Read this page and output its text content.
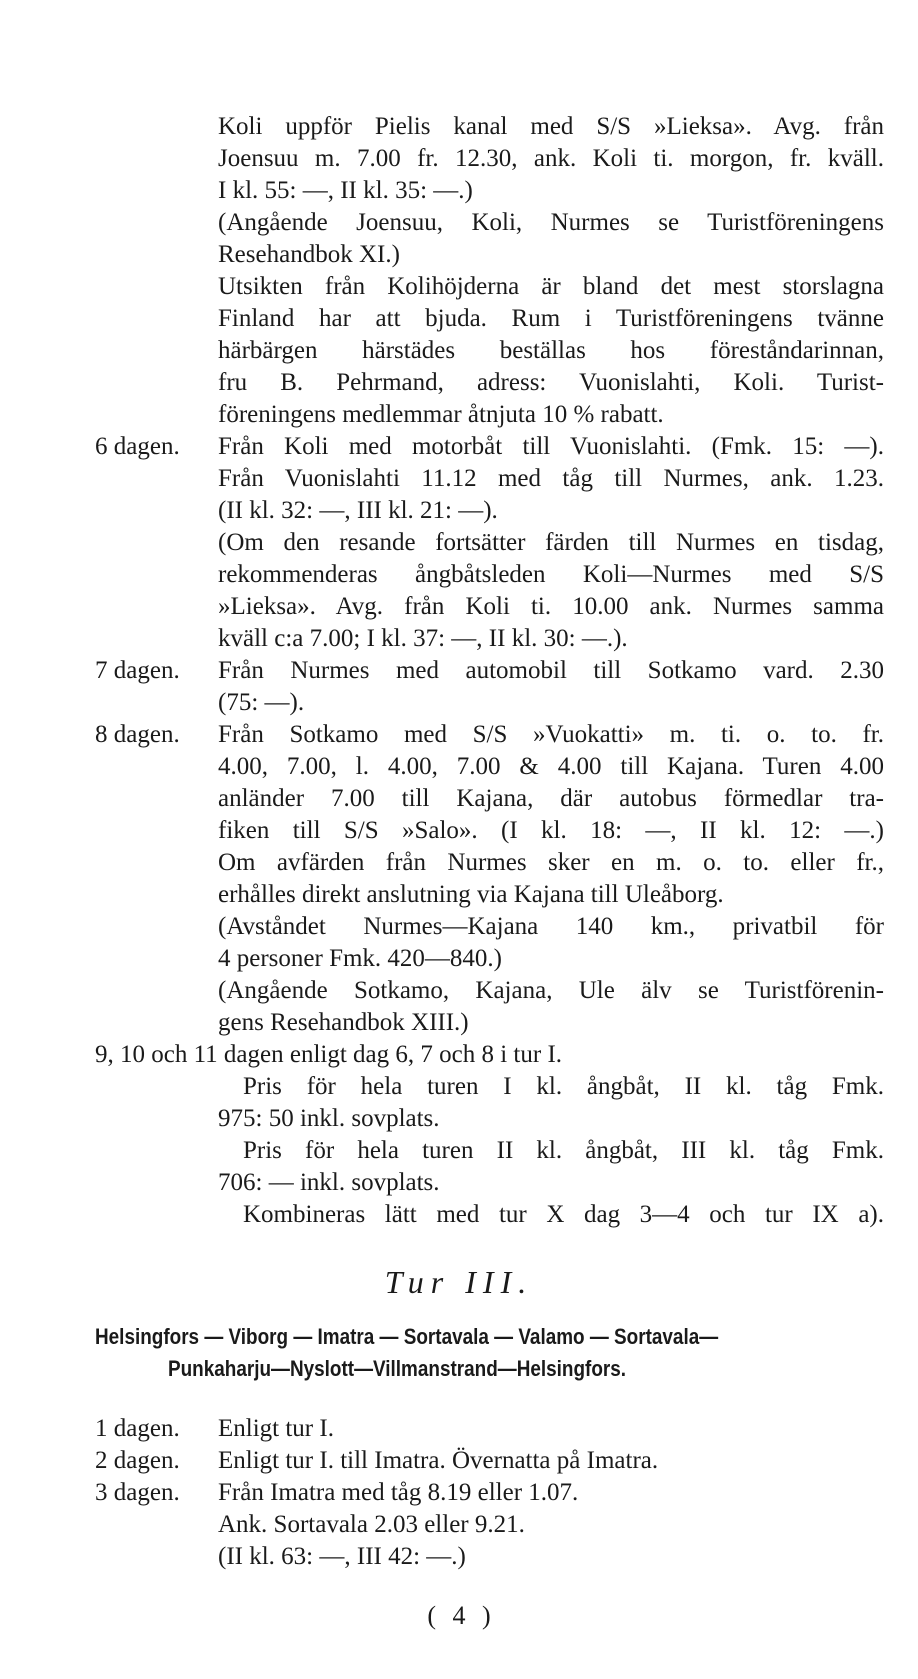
Koli uppför Pielis kanal med S/S »Lieksa». Avg. från
Joensuu m. 7.00 fr. 12.30, ank. Koli ti. morgon, fr. kväll.
I kl. 55: —, II kl. 35: —.)
(Angående Joensuu, Koli, Nurmes se Turistföreningens
Resehandbok XI.)
Utsikten från Kolihöjderna är bland det mest storslagna
Finland har att bjuda. Rum i Turistföreningens tvänne
härbärgen härstädes beställas hos föreståndarinnan,
fru B. Pehrmand, adress: Vuonislahti, Koli. Turist-
föreningens medlemmar åtnjuta 10 % rabatt.
6 dagen. Från Koli med motorbåt till Vuonislahti. (Fmk. 15: —).
Från Vuonislahti 11.12 med tåg till Nurmes, ank. 1.23.
(II kl. 32: —, III kl. 21: —).
(Om den resande fortsätter färden till Nurmes en tisdag,
rekommenderas ångbåtsleden Koli—Nurmes med S/S
»Lieksa». Avg. från Koli ti. 10.00 ank. Nurmes samma
kväll c:a 7.00; I kl. 37: —, II kl. 30: —.).
7 dagen. Från Nurmes med automobil till Sotkamo vard. 2.30
(75: —).
8 dagen. Från Sotkamo med S/S »Vuokatti» m. ti. o. to. fr.
4.00, 7.00, l. 4.00, 7.00 & 4.00 till Kajana. Turen 4.00
anländer 7.00 till Kajana, där autobus förmedlar tra-
fiken till S/S »Salo». (I kl. 18: —, II kl. 12: —.)
Om avfärden från Nurmes sker en m. o. to. eller fr.,
erhålles direkt anslutning via Kajana till Uleåborg.
(Avståndet Nurmes—Kajana 140 km., privatbil för
4 personer Fmk. 420—840.)
(Angående Sotkamo, Kajana, Ule älv se Turistförenin-
gens Resehandbok XIII.)
9, 10 och 11 dagen enligt dag 6, 7 och 8 i tur I.
Pris för hela turen I kl. ångbåt, II kl. tåg Fmk.
975: 50 inkl. sovplats.
Pris för hela turen II kl. ångbåt, III kl. tåg Fmk.
706: — inkl. sovplats.
Kombineras lätt med tur X dag 3—4 och tur IX a).
Tur III.
Helsingfors — Viborg — Imatra — Sortavala — Valamo — Sortavala—
Punkaharju—Nyslott—Villmanstrand—Helsingfors.
1 dagen. Enligt tur I.
2 dagen. Enligt tur I. till Imatra. Övernatta på Imatra.
3 dagen. Från Imatra med tåg 8.19 eller 1.07.
Ank. Sortavala 2.03 eller 9.21.
(II kl. 63: —, III 42: —.)
( 4 )
